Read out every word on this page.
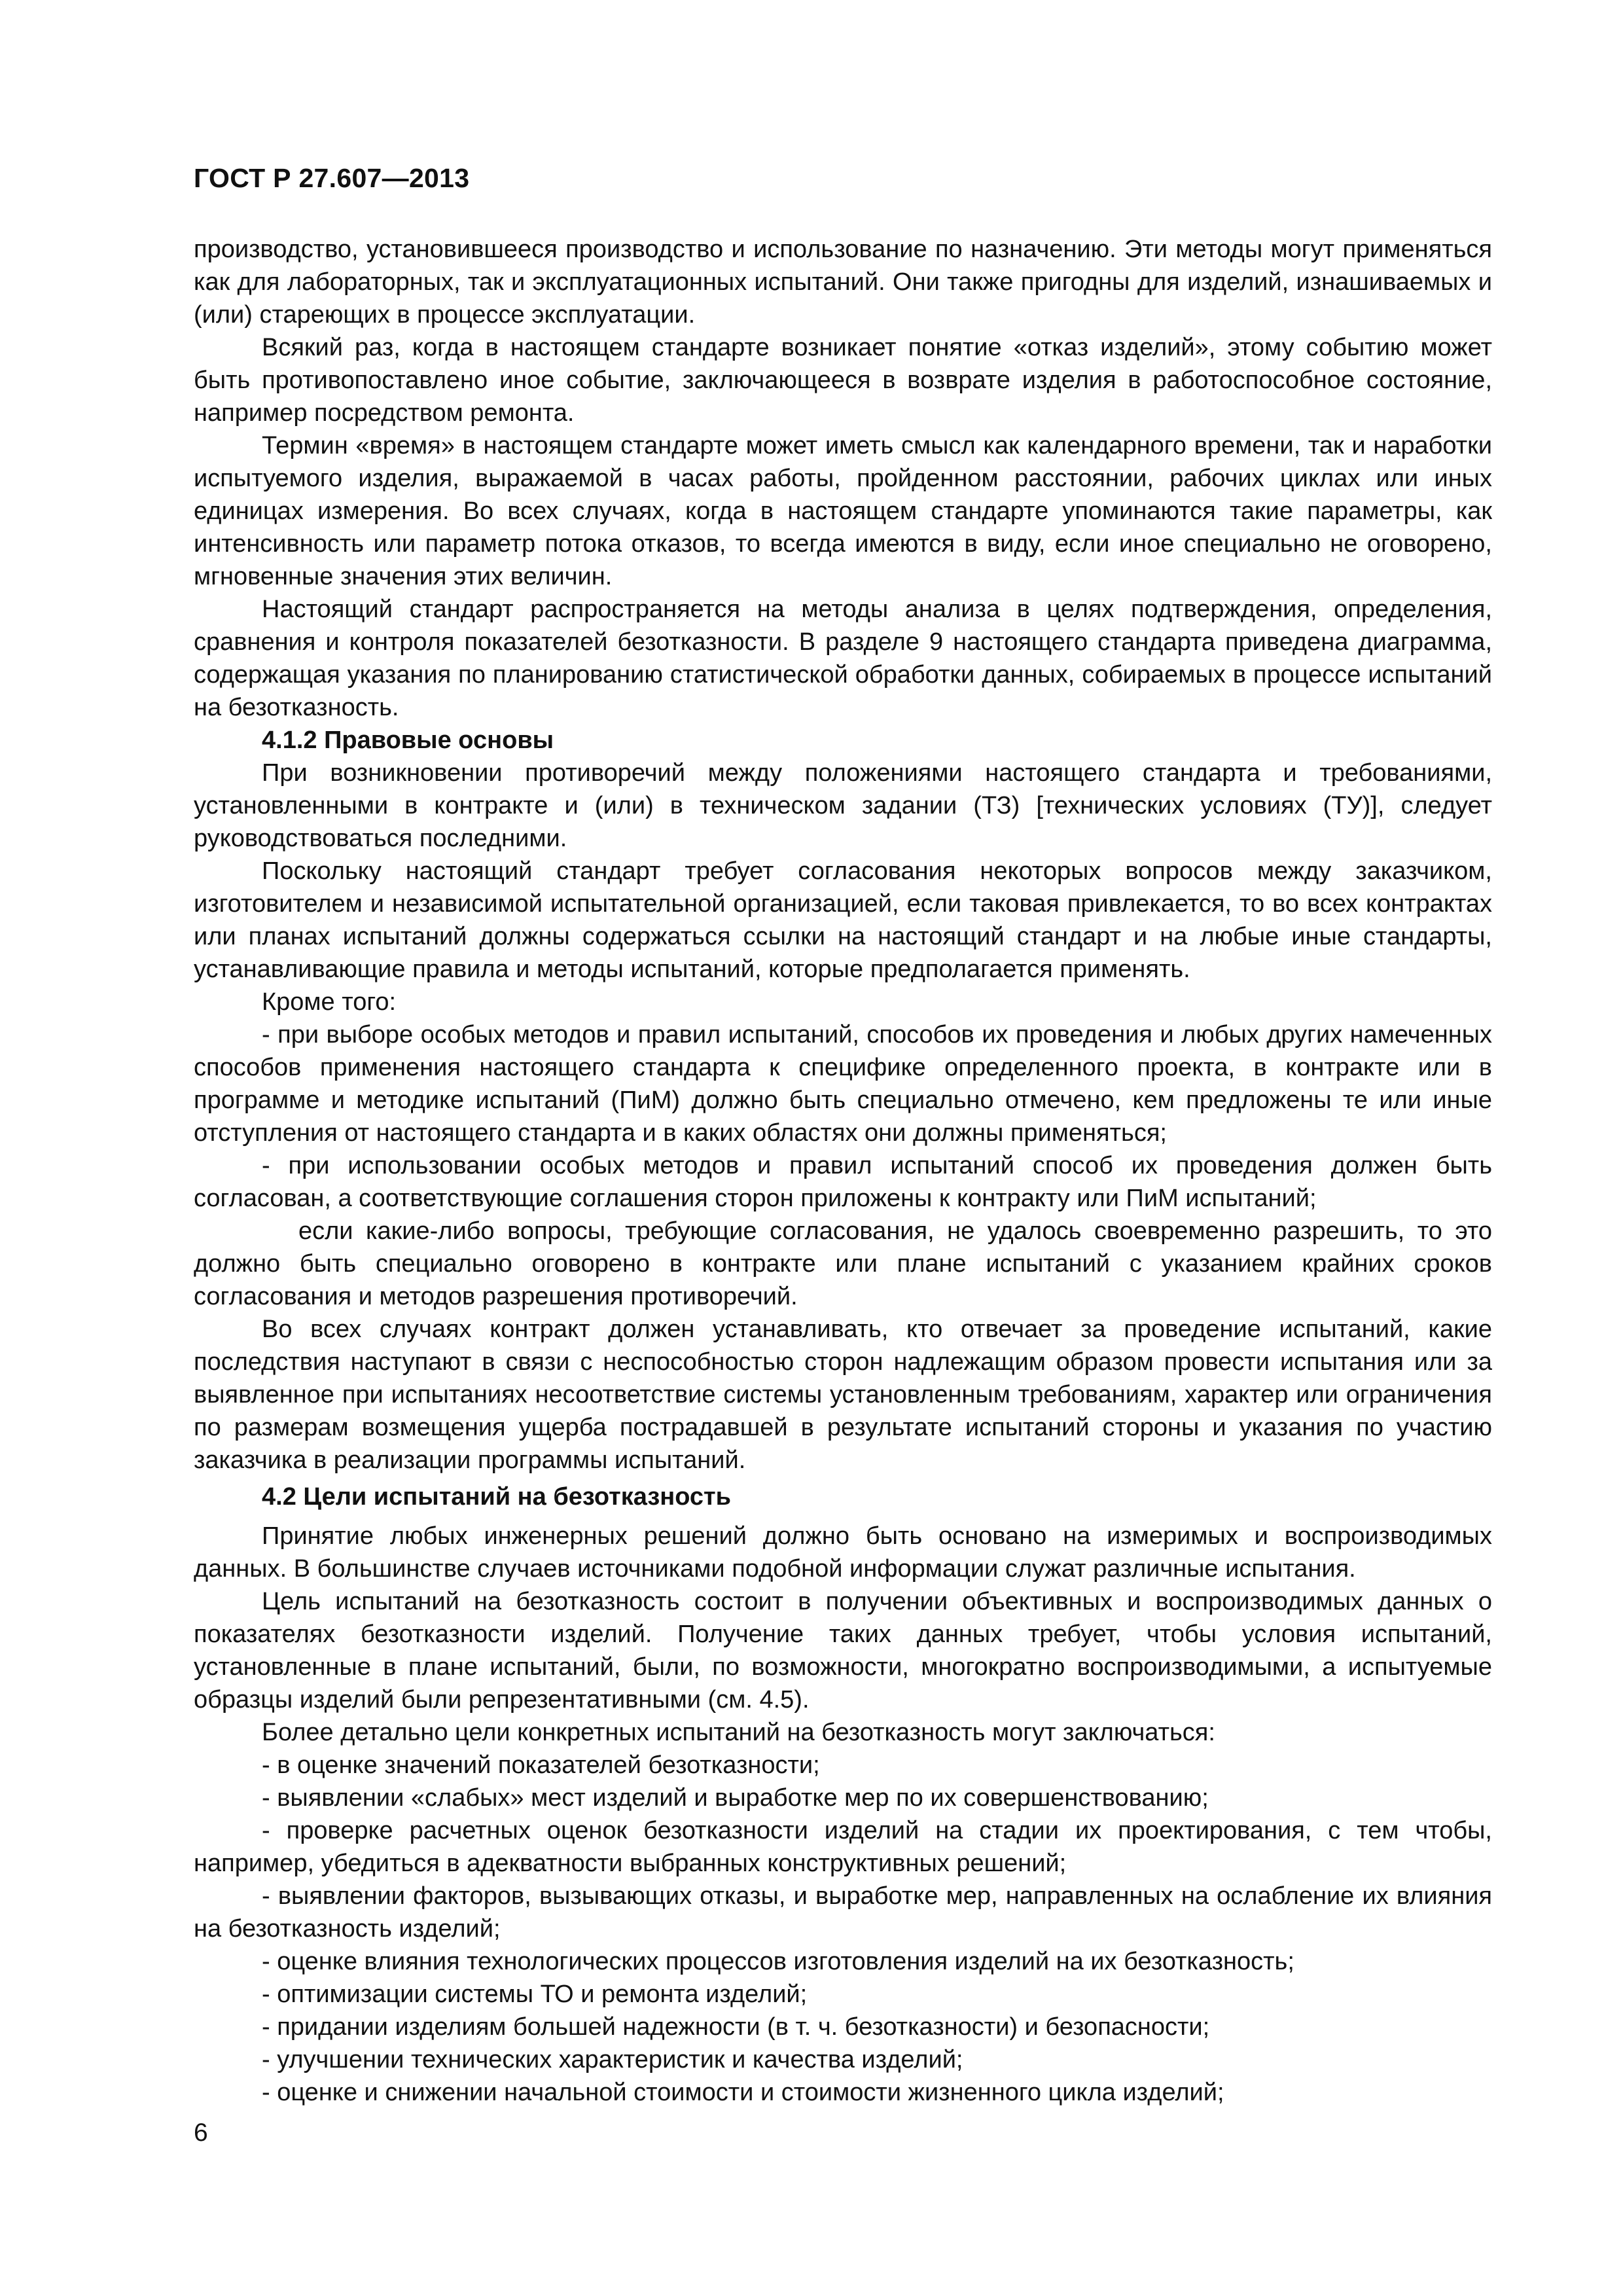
ГОСТ Р 27.607—2013

производство, установившееся производство и использование по назначению. Эти методы могут применяться как для лабораторных, так и эксплуатационных испытаний. Они также пригодны для изделий, изнашиваемых и (или) стареющих в процессе эксплуатации.

Всякий раз, когда в настоящем стандарте возникает понятие «отказ изделий», этому событию может быть противопоставлено иное событие, заключающееся в возврате изделия в работоспособное состояние, например посредством ремонта.

Термин «время» в настоящем стандарте может иметь смысл как календарного времени, так и наработки испытуемого изделия, выражаемой в часах работы, пройденном расстоянии, рабочих циклах или иных единицах измерения. Во всех случаях, когда в настоящем стандарте упоминаются такие параметры, как интенсивность или параметр потока отказов, то всегда имеются в виду, если иное специально не оговорено, мгновенные значения этих величин.

Настоящий стандарт распространяется на методы анализа в целях подтверждения, определения, сравнения и контроля показателей безотказности. В разделе 9 настоящего стандарта приведена диаграмма, содержащая указания по планированию статистической обработки данных, собираемых в процессе испытаний на безотказность.

4.1.2 Правовые основы

При возникновении противоречий между положениями настоящего стандарта и требованиями, установленными в контракте и (или) в техническом задании (ТЗ) [технических условиях (ТУ)], следует руководствоваться последними.

Поскольку настоящий стандарт требует согласования некоторых вопросов между заказчиком, изготовителем и независимой испытательной организацией, если таковая привлекается, то во всех контрактах или планах испытаний должны содержаться ссылки на настоящий стандарт и на любые иные стандарты, устанавливающие правила и методы испытаний, которые предполагается применять.

Кроме того:

- при выборе особых методов и правил испытаний, способов их проведения и любых других намеченных способов применения настоящего стандарта к специфике определенного проекта, в контракте или в программе и методике испытаний (ПиМ) должно быть специально отмечено, кем предложены те или иные отступления от настоящего стандарта и в каких областях они должны применяться;

- при использовании особых методов и правил испытаний способ их проведения должен быть согласован, а соответствующие соглашения сторон приложены к контракту или ПиМ испытаний;

если какие-либо вопросы, требующие согласования, не удалось своевременно разрешить, то это должно быть специально оговорено в контракте или плане испытаний с указанием крайних сроков согласования и методов разрешения противоречий.

Во всех случаях контракт должен устанавливать, кто отвечает за проведение испытаний, какие последствия наступают в связи с неспособностью сторон надлежащим образом провести испытания или за выявленное при испытаниях несоответствие системы установленным требованиям, характер или ограничения по размерам возмещения ущерба пострадавшей в результате испытаний стороны и указания по участию заказчика в реализации программы испытаний.

4.2 Цели испытаний на безотказность

Принятие любых инженерных решений должно быть основано на измеримых и воспроизводимых данных. В большинстве случаев источниками подобной информации служат различные испытания.

Цель испытаний на безотказность состоит в получении объективных и воспроизводимых данных о показателях безотказности изделий. Получение таких данных требует, чтобы условия испытаний, установленные в плане испытаний, были, по возможности, многократно воспроизводимыми, а испытуемые образцы изделий были репрезентативными (см. 4.5).

Более детально цели конкретных испытаний на безотказность могут заключаться:

- в оценке значений показателей безотказности;

- выявлении «слабых» мест изделий и выработке мер по их совершенствованию;

- проверке расчетных оценок безотказности изделий на стадии их проектирования, с тем чтобы, например, убедиться в адекватности выбранных конструктивных решений;

- выявлении факторов, вызывающих отказы, и выработке мер, направленных на ослабление их влияния на безотказность изделий;

- оценке влияния технологических процессов изготовления изделий на их безотказность;

- оптимизации системы ТО и ремонта изделий;

- придании изделиям большей надежности (в т. ч. безотказности) и безопасности;

- улучшении технических характеристик и качества изделий;

- оценке и снижении начальной стоимости и стоимости жизненного цикла изделий;

6
